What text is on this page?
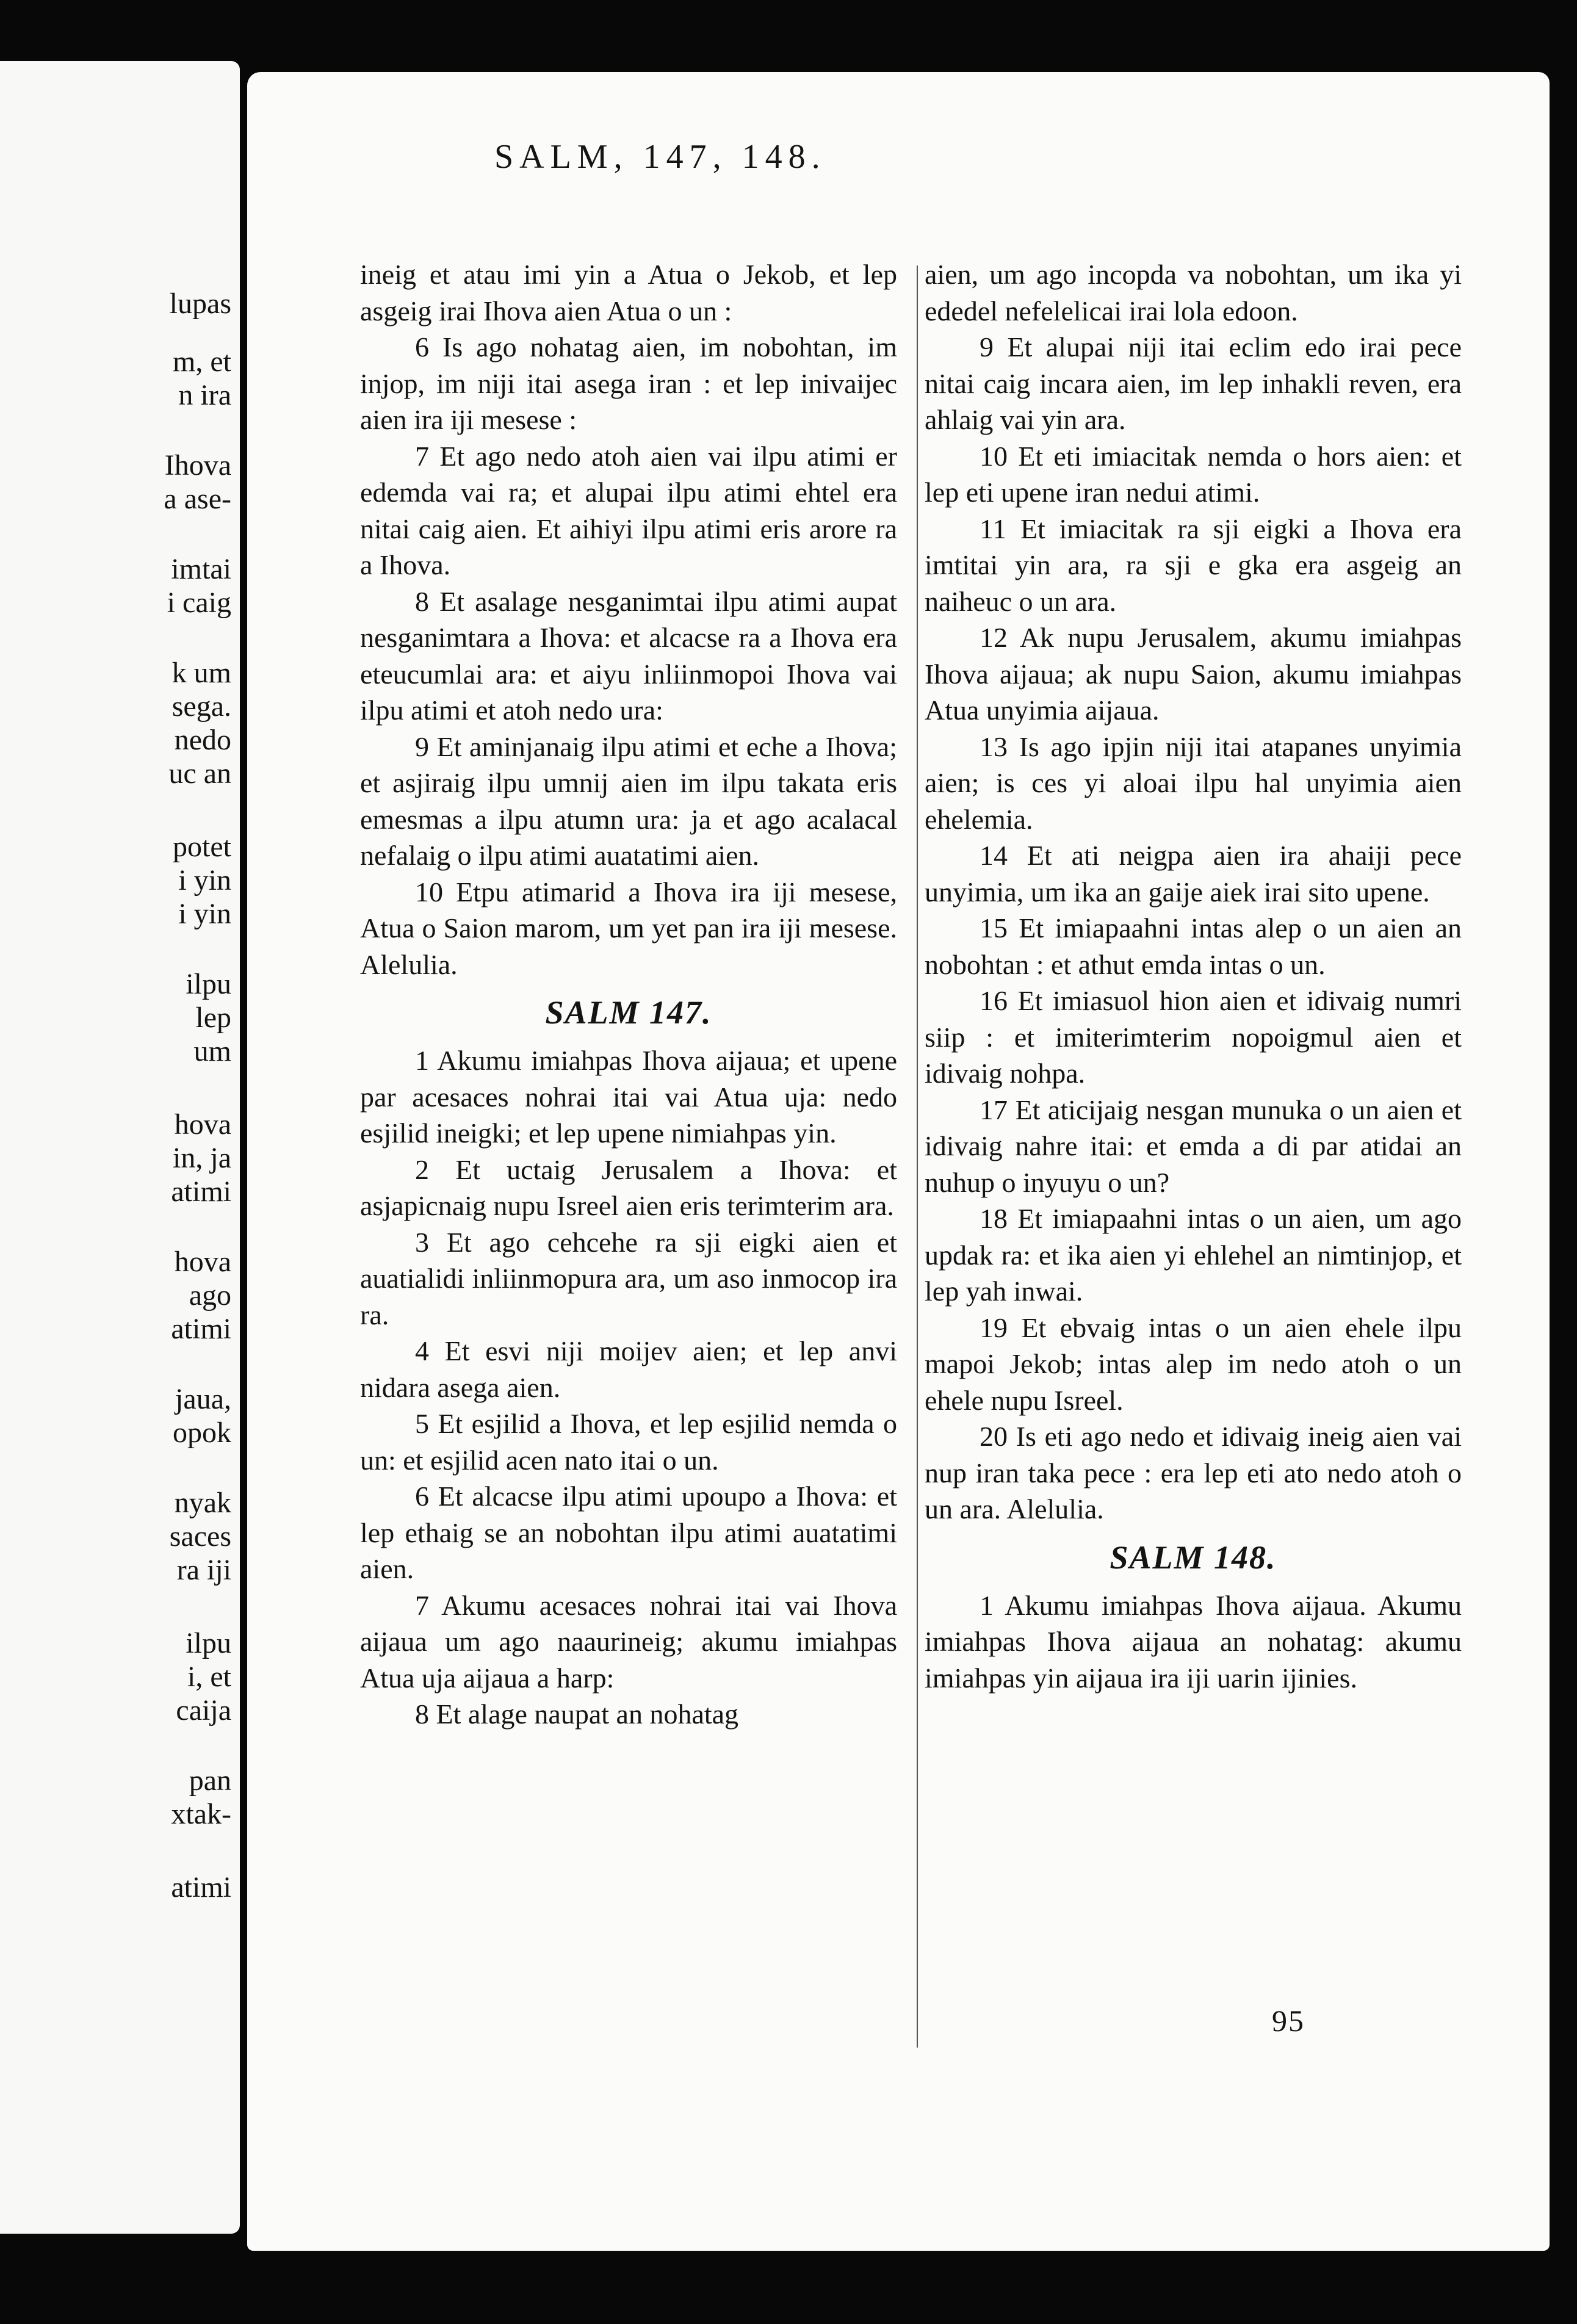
lupas

m, et

n ira

Ihova

a ase-

imtai

i caig

k um

sega.

nedo

uc an

potet

i yin

i yin

ilpu

lep

um

hova

in, ja

atimi

hova

ago

atimi

jaua,

opok

nyak

saces

ra iji

ilpu

i, et

caija

pan

xtak-

atimi

SALM, 147, 148.

ineig et atau imi yin a Atua o Jekob, et lep asgeig irai Ihova aien Atua o un :

6 Is ago nohatag aien, im nobohtan, im injop, im niji itai asega iran : et lep inivaijec aien ira iji mesese :

7 Et ago nedo atoh aien vai ilpu atimi er edemda vai ra; et alupai ilpu atimi ehtel era nitai caig aien. Et aihiyi ilpu atimi eris arore ra a Ihova.

8 Et asalage nesganimtai ilpu atimi aupat nesganimtara a Ihova: et alcacse ra a Ihova era eteucumlai ara: et aiyu inliinmopoi Ihova vai ilpu atimi et atoh nedo ura:

9 Et aminjanaig ilpu atimi et eche a Ihova; et asjiraig ilpu umnij aien im ilpu takata eris emesmas a ilpu atumn ura: ja et ago acalacal nefalaig o ilpu atimi auatatimi aien.

10 Etpu atimarid a Ihova ira iji mesese, Atua o Saion marom, um yet pan ira iji mesese. Alelulia.

SALM 147.

1 Akumu imiahpas Ihova aijaua; et upene par acesaces nohrai itai vai Atua uja: nedo esjilid ineigki; et lep upene nimiahpas yin.

2 Et uctaig Jerusalem a Ihova: et asjapicnaig nupu Isreel aien eris terimterim ara.

3 Et ago cehcehe ra sji eigki aien et auatialidi inliinmopura ara, um aso inmocop ira ra.

4 Et esvi niji moijev aien; et lep anvi nidara asega aien.

5 Et esjilid a Ihova, et lep esjilid nemda o un: et esjilid acen nato itai o un.

6 Et alcacse ilpu atimi upoupo a Ihova: et lep ethaig se an nobohtan ilpu atimi auatatimi aien.

7 Akumu acesaces nohrai itai vai Ihova aijaua um ago naaurineig; akumu imiahpas Atua uja aijaua a harp:

8 Et alage naupat an nohatag

aien, um ago incopda va nobohtan, um ika yi ededel nefelelicai irai lola edoon.

9 Et alupai niji itai eclim edo irai pece nitai caig incara aien, im lep inhakli reven, era ahlaig vai yin ara.

10 Et eti imiacitak nemda o hors aien: et lep eti upene iran nedui atimi.

11 Et imiacitak ra sji eigki a Ihova era imtitai yin ara, ra sji e gka era asgeig an naiheuc o un ara.

12 Ak nupu Jerusalem, akumu imiahpas Ihova aijaua; ak nupu Saion, akumu imiahpas Atua unyimia aijaua.

13 Is ago ipjin niji itai atapanes unyimia aien; is ces yi aloai ilpu hal unyimia aien ehelemia.

14 Et ati neigpa aien ira ahaiji pece unyimia, um ika an gaije aiek irai sito upene.

15 Et imiapaahni intas alep o un aien an nobohtan : et athut emda intas o un.

16 Et imiasuol hion aien et idivaig numri siip : et imiterimterim nopoigmul aien et idivaig nohpa.

17 Et aticijaig nesgan munuka o un aien et idivaig nahre itai: et emda a di par atidai an nuhup o inyuyu o un?

18 Et imiapaahni intas o un aien, um ago updak ra: et ika aien yi ehlehel an nimtinjop, et lep yah inwai.

19 Et ebvaig intas o un aien ehele ilpu mapoi Jekob; intas alep im nedo atoh o un ehele nupu Isreel.

20 Is eti ago nedo et idivaig ineig aien vai nup iran taka pece : era lep eti ato nedo atoh o un ara. Alelulia.

SALM 148.

1 Akumu imiahpas Ihova aijaua. Akumu imiahpas Ihova aijaua an nohatag: akumu imiahpas yin aijaua ira iji uarin ijinies.

95
